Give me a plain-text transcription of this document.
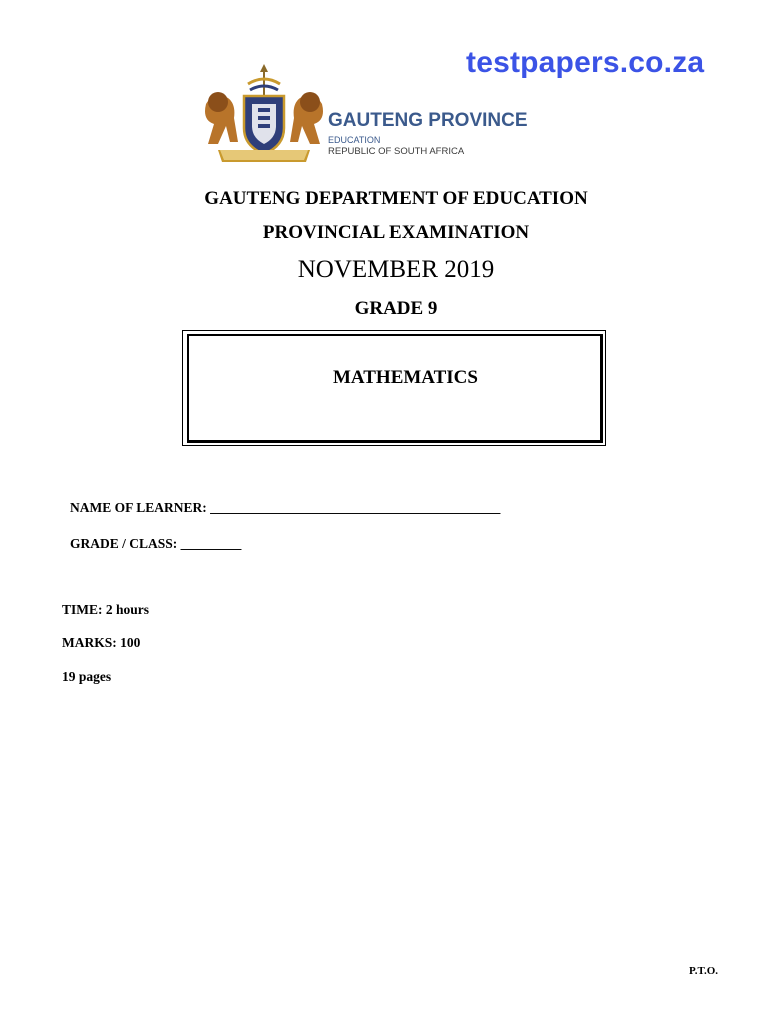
testpapers.co.za
GAUTENG PROVINCE
EDUCATION
REPUBLIC OF SOUTH AFRICA
GAUTENG DEPARTMENT OF EDUCATION
PROVINCIAL EXAMINATION
NOVEMBER 2019
GRADE 9
MATHEMATICS
NAME OF LEARNER: ___________________________________________
GRADE / CLASS: _________
TIME: 2 hours
MARKS: 100
19 pages
P.T.O.
